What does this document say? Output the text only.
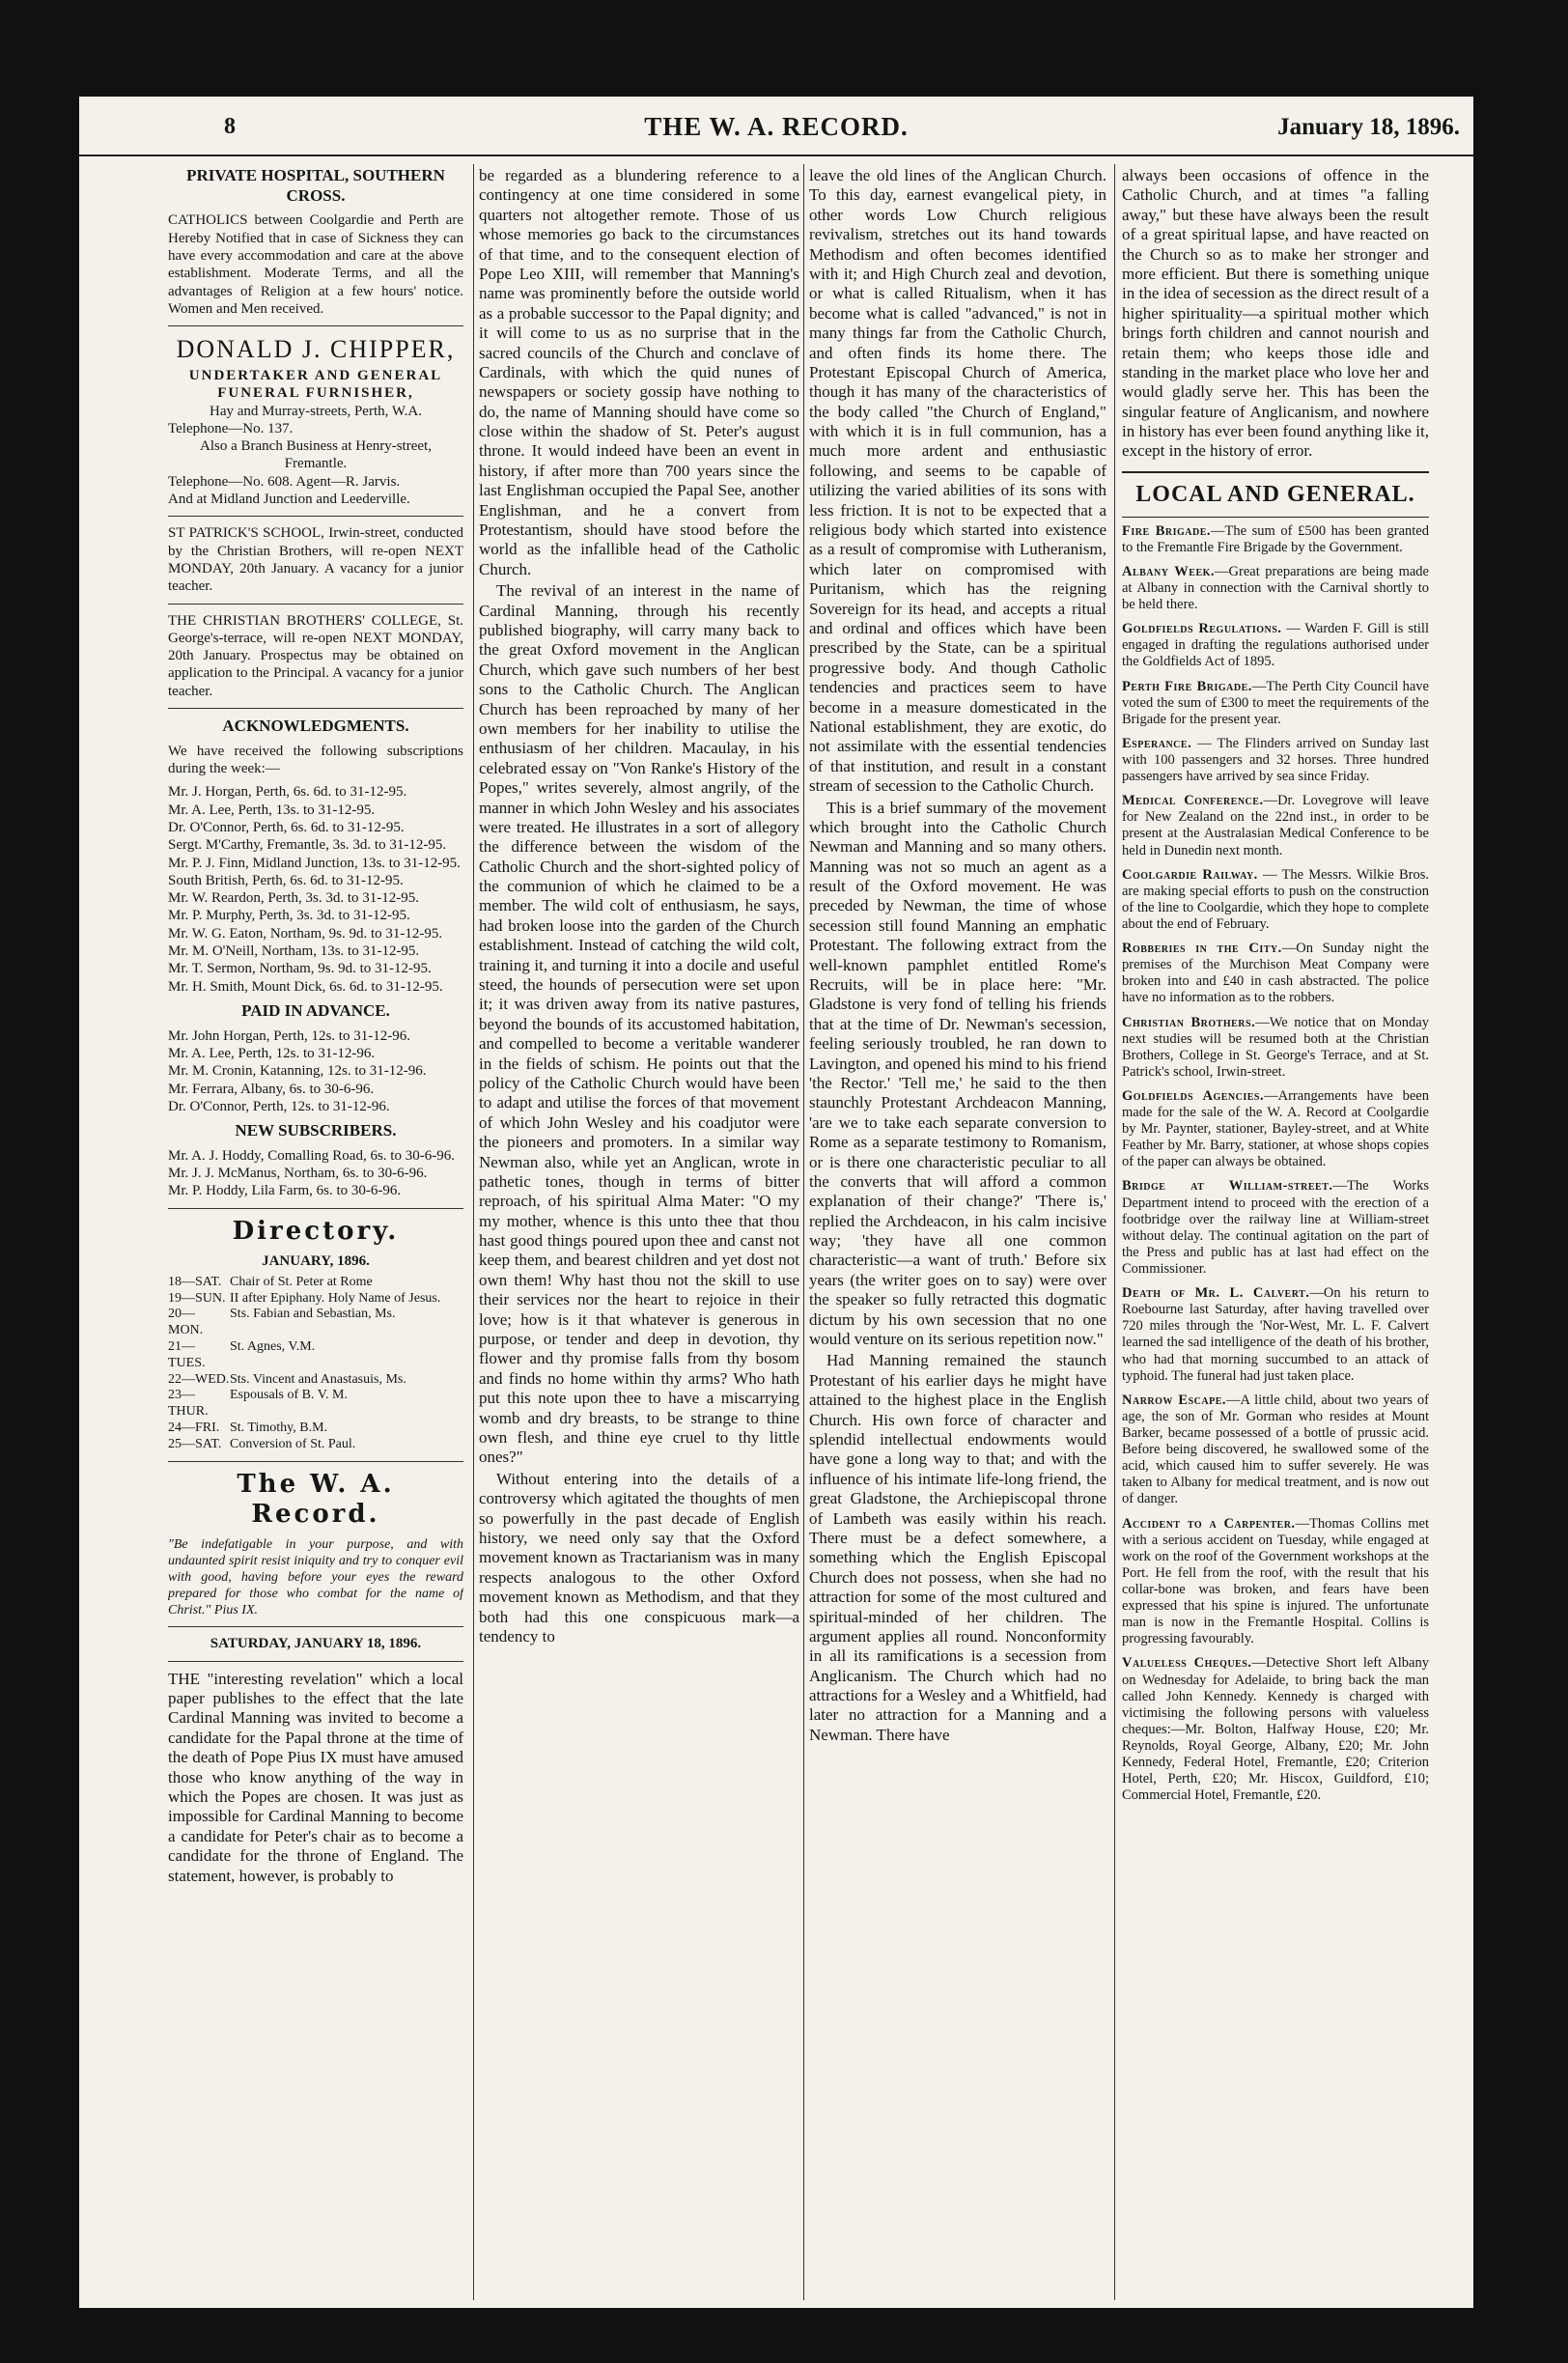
8	THE W. A. RECORD.	January 18, 1896.
PRIVATE HOSPITAL, SOUTHERN CROSS.

CATHOLICS between Coolgardie and Perth are Hereby Notified that in case of Sickness they can have every accommodation and care at the above establishment. Moderate Terms, and all the advantages of Religion at a few hours' notice. Women and Men received.

DONALD J. CHIPPER,
UNDERTAKER AND GENERAL
FUNERAL FURNISHER,
Hay and Murray-streets, Perth, W.A.
Telephone—No. 137.
Also a Branch Business at Henry-street, Fremantle.
Telephone—No. 608. Agent—R. Jarvis.
And at Midland Junction and Leederville.

ST PATRICK'S SCHOOL, Irwin-street, conducted by the Christian Brothers, will re-open NEXT MONDAY, 20th January. A vacancy for a junior teacher.

THE CHRISTIAN BROTHERS' COLLEGE, St. George's-terrace, will re-open NEXT MONDAY, 20th January. Prospectus may be obtained on application to the Principal. A vacancy for a junior teacher.

ACKNOWLEDGMENTS.

We have received the following subscriptions during the week:—

Mr. J. Horgan, Perth, 6s. 6d. to 31-12-95.

Mr. A. Lee, Perth, 13s. to 31-12-95.

Dr. O'Connor, Perth, 6s. 6d. to 31-12-95.

Sergt. M'Carthy, Fremantle, 3s. 3d. to 31-12-95.

Mr. P. J. Finn, Midland Junction, 13s. to 31-12-95.

South British, Perth, 6s. 6d. to 31-12-95.

Mr. W. Reardon, Perth, 3s. 3d. to 31-12-95.

Mr. P. Murphy, Perth, 3s. 3d. to 31-12-95.

Mr. W. G. Eaton, Northam, 9s. 9d. to 31-12-95.

Mr. M. O'Neill, Northam, 13s. to 31-12-95.

Mr. T. Sermon, Northam, 9s. 9d. to 31-12-95.

Mr. H. Smith, Mount Dick, 6s. 6d. to 31-12-95.

PAID IN ADVANCE.

Mr. John Horgan, Perth, 12s. to 31-12-96.

Mr. A. Lee, Perth, 12s. to 31-12-96.

Mr. M. Cronin, Katanning, 12s. to 31-12-96.

Mr. Ferrara, Albany, 6s. to 30-6-96.

Dr. O'Connor, Perth, 12s. to 31-12-96.

NEW SUBSCRIBERS.

Mr. A. J. Hoddy, Comalling Road, 6s. to 30-6-96.

Mr. J. J. McManus, Northam, 6s. to 30-6-96.

Mr. P. Hoddy, Lila Farm, 6s. to 30-6-96.

Directory.
JANUARY, 1896.
18—SAT. Chair of St. Peter at Rome
19—SUN. II after Epiphany. Holy Name of Jesus.
20—MON.
Sts. Fabian and Sebastian, Ms.
21—TUES.
St. Agnes, V.M.
22—WED. Sts. Vincent and Anastasuis, Ms.
23—THUR.
Espousals of B. V. M.
24—FRI. St. Timothy, B.M.
25—SAT. Conversion of St. Paul.
The W. A. Record.

"Be indefatigable in your purpose, and with undaunted spirit resist iniquity and try to conquer evil with good, having before your eyes the reward prepared for those who combat for the name of Christ." Pius IX.

SATURDAY, JANUARY 18, 1896.

THE "interesting revelation" which a local paper publishes to the effect that the late Cardinal Manning was invited to become a candidate for the Papal throne at the time of the death of Pope Pius IX must have amused those who know anything of the way in which the Popes are chosen. It was just as impossible for Cardinal Manning to become a candidate for Peter's chair as to become a candidate for the throne of England. The statement, however, is probably to

be regarded as a blundering reference to a contingency at one time considered in some quarters not altogether remote. Those of us whose memories go back to the circumstances of that time, and to the consequent election of Pope Leo XIII, will remember that Manning's name was prominently before the outside world as a probable successor to the Papal dignity; and it will come to us as no surprise that in the sacred councils of the Church and conclave of Cardinals, with which the quid nunes of newspapers or society gossip have nothing to do, the name of Manning should have come so close within the shadow of St. Peter's august throne. It would indeed have been an event in history, if after more than 700 years since the last Englishman occupied the Papal See, another Englishman, and he a convert from Protestantism, should have stood before the world as the infallible head of the Catholic Church.

The revival of an interest in the name of Cardinal Manning, through his recently published biography, will carry many back to the great Oxford movement in the Anglican Church, which gave such numbers of her best sons to the Catholic Church. The Anglican Church has been reproached by many of her own members for her inability to utilise the enthusiasm of her children. Macaulay, in his celebrated essay on "Von Ranke's History of the Popes," writes severely, almost angrily, of the manner in which John Wesley and his associates were treated. He illustrates in a sort of allegory the difference between the wisdom of the Catholic Church and the short-sighted policy of the communion of which he claimed to be a member. The wild colt of enthusiasm, he says, had broken loose into the garden of the Church establishment. Instead of catching the wild colt, training it, and turning it into a docile and useful steed, the hounds of persecution were set upon it; it was driven away from its native pastures, beyond the bounds of its accustomed habitation, and compelled to become a veritable wanderer in the fields of schism. He points out that the policy of the Catholic Church would have been to adapt and utilise the forces of that movement of which John Wesley and his coadjutor were the pioneers and promoters. In a similar way Newman also, while yet an Anglican, wrote in pathetic tones, though in terms of bitter reproach, of his spiritual Alma Mater: "O my my mother, whence is this unto thee that thou hast good things poured upon thee and canst not keep them, and bearest children and yet dost not own them! Why hast thou not the skill to use their services nor the heart to rejoice in their love; how is it that whatever is generous in purpose, or tender and deep in devotion, thy flower and thy promise falls from thy bosom and finds no home within thy arms? Who hath put this note upon thee to have a miscarrying womb and dry breasts, to be strange to thine own flesh, and thine eye cruel to thy little ones?"

Without entering into the details of a controversy which agitated the thoughts of men so powerfully in the past decade of English history, we need only say that the Oxford movement known as Tractarianism was in many respects analogous to the other Oxford movement known as Methodism, and that they both had this one conspicuous mark—a tendency to

leave the old lines of the Anglican Church. To this day, earnest evangelical piety, in other words Low Church religious revivalism, stretches out its hand towards Methodism and often becomes identified with it; and High Church zeal and devotion, or what is called Ritualism, when it has become what is called "advanced," is not in many things far from the Catholic Church, and often finds its home there. The Protestant Episcopal Church of America, though it has many of the characteristics of the body called "the Church of England," with which it is in full communion, has a much more ardent and enthusiastic following, and seems to be capable of utilizing the varied abilities of its sons with less friction. It is not to be expected that a religious body which started into existence as a result of compromise with Lutheranism, which later on compromised with Puritanism, which has the reigning Sovereign for its head, and accepts a ritual and ordinal and offices which have been prescribed by the State, can be a spiritual progressive body. And though Catholic tendencies and practices seem to have become in a measure domesticated in the National establishment, they are exotic, do not assimilate with the essential tendencies of that institution, and result in a constant stream of secession to the Catholic Church.

This is a brief summary of the movement which brought into the Catholic Church Newman and Manning and so many others. Manning was not so much an agent as a result of the Oxford movement. He was preceded by Newman, the time of whose secession still found Manning an emphatic Protestant. The following extract from the well-known pamphlet entitled Rome's Recruits, will be in place here: "Mr. Gladstone is very fond of telling his friends that at the time of Dr. Newman's secession, feeling seriously troubled, he ran down to Lavington, and opened his mind to his friend 'the Rector.' 'Tell me,' he said to the then staunchly Protestant Archdeacon Manning, 'are we to take each separate conversion to Rome as a separate testimony to Romanism, or is there one characteristic peculiar to all the converts that will afford a common explanation of their change?' 'There is,' replied the Archdeacon, in his calm incisive way; 'they have all one common characteristic—a want of truth.' Before six years (the writer goes on to say) were over the speaker so fully retracted this dogmatic dictum by his own secession that no one would venture on its serious repetition now."

Had Manning remained the staunch Protestant of his earlier days he might have attained to the highest place in the English Church. His own force of character and splendid intellectual endowments would have gone a long way to that; and with the influence of his intimate life-long friend, the great Gladstone, the Archiepiscopal throne of Lambeth was easily within his reach. There must be a defect somewhere, a something which the English Episcopal Church does not possess, when she had no attraction for some of the most cultured and spiritual-minded of her children. The argument applies all round. Nonconformity in all its ramifications is a secession from Anglicanism. The Church which had no attractions for a Wesley and a Whitfield, had later no attraction for a Manning and a Newman. There have

always been occasions of offence in the Catholic Church, and at times "a falling away," but these have always been the result of a great spiritual lapse, and have reacted on the Church so as to make her stronger and more efficient. But there is something unique in the idea of secession as the direct result of a higher spirituality—a spiritual mother which brings forth children and cannot nourish and retain them; who keeps those idle and standing in the market place who love her and would gladly serve her. This has been the singular feature of Anglicanism, and nowhere in history has ever been found anything like it, except in the history of error.

LOCAL AND GENERAL.

Fire Brigade.—The sum of £500 has been granted to the Fremantle Fire Brigade by the Government.

Albany Week.—Great preparations are being made at Albany in connection with the Carnival shortly to be held there.

Goldfields Regulations. — Warden F. Gill is still engaged in drafting the regulations authorised under the Goldfields Act of 1895.

Perth Fire Brigade.—The Perth City Council have voted the sum of £300 to meet the requirements of the Brigade for the present year.

Esperance. — The Flinders arrived on Sunday last with 100 passengers and 32 horses. Three hundred passengers have arrived by sea since Friday.

Medical Conference.—Dr. Lovegrove will leave for New Zealand on the 22nd inst., in order to be present at the Australasian Medical Conference to be held in Dunedin next month.

Coolgardie Railway. — The Messrs. Wilkie Bros. are making special efforts to push on the construction of the line to Coolgardie, which they hope to complete about the end of February.

Robberies in the City.—On Sunday night the premises of the Murchison Meat Company were broken into and £40 in cash abstracted. The police have no information as to the robbers.

Christian Brothers.—We notice that on Monday next studies will be resumed both at the Christian Brothers, College in St. George's Terrace, and at St. Patrick's school, Irwin-street.

Goldfields Agencies.—Arrangements have been made for the sale of the W. A. Record at Coolgardie by Mr. Paynter, stationer, Bayley-street, and at White Feather by Mr. Barry, stationer, at whose shops copies of the paper can always be obtained.

Bridge at William-street.—The Works Department intend to proceed with the erection of a footbridge over the railway line at William-street without delay. The continual agitation on the part of the Press and public has at last had effect on the Commissioner.

Death of Mr. L. Calvert.—On his return to Roebourne last Saturday, after having travelled over 720 miles through the 'Nor-West, Mr. L. F. Calvert learned the sad intelligence of the death of his brother, who had that morning succumbed to an attack of typhoid. The funeral had just taken place.

Narrow Escape.—A little child, about two years of age, the son of Mr. Gorman who resides at Mount Barker, became possessed of a bottle of prussic acid. Before being discovered, he swallowed some of the acid, which caused him to suffer severely. He was taken to Albany for medical treatment, and is now out of danger.

Accident to a Carpenter.—Thomas Collins met with a serious accident on Tuesday, while engaged at work on the roof of the Government workshops at the Port. He fell from the roof, with the result that his collar-bone was broken, and fears have been expressed that his spine is injured. The unfortunate man is now in the Fremantle Hospital. Collins is progressing favourably.

Valueless Cheques.—Detective Short left Albany on Wednesday for Adelaide, to bring back the man called John Kennedy. Kennedy is charged with victimising the following persons with valueless cheques:—Mr. Bolton, Halfway House, £20; Mr. Reynolds, Royal George, Albany, £20; Mr. John Kennedy, Federal Hotel, Fremantle, £20; Criterion Hotel, Perth, £20; Mr. Hiscox, Guildford, £10; Commercial Hotel, Fremantle, £20.
